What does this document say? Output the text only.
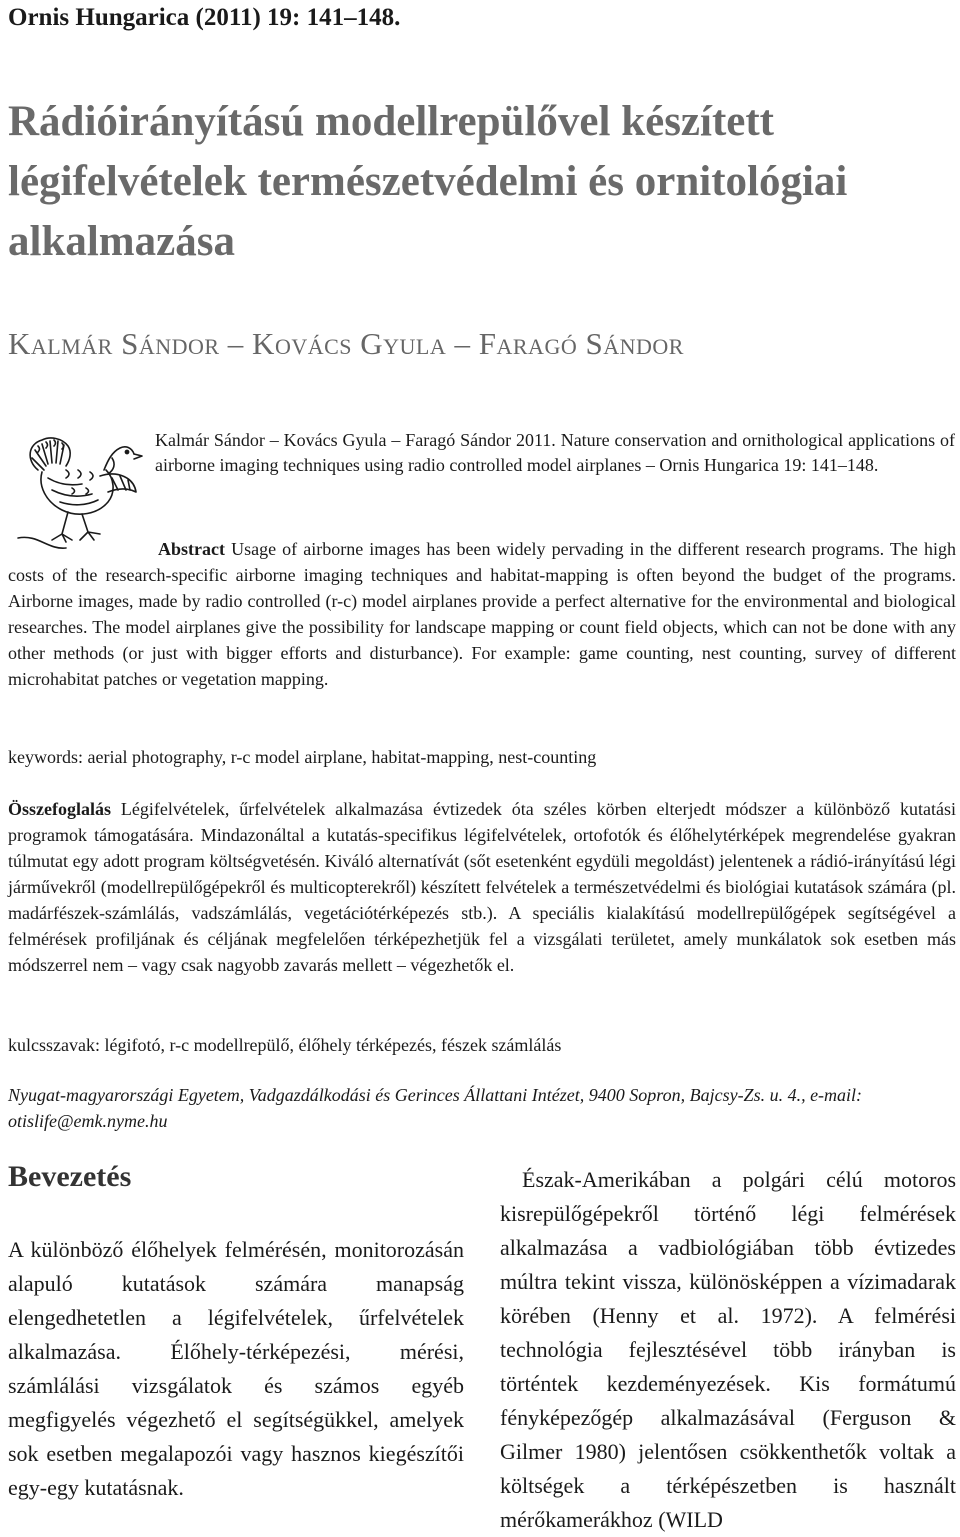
Ornis Hungarica (2011) 19: 141–148.
Rádióirányítású modellrepülővel készített légifelvételek természetvédelmi és ornitológiai alkalmazása
Kalmár Sándor – Kovács Gyula – Faragó Sándor
Kalmár Sándor – Kovács Gyula – Faragó Sándor 2011. Nature conservation and ornithological applications of airborne imaging techniques using radio controlled model airplanes – Ornis Hungarica 19: 141–148.

Abstract Usage of airborne images has been widely pervading in the different research programs. The high costs of the research-specific airborne imaging techniques and habitat-mapping is often beyond the budget of the programs. Airborne images, made by radio controlled (r-c) model airplanes provide a perfect alternative for the environmental and biological researches. The model airplanes give the possibility for landscape mapping or count field objects, which can not be done with any other methods (or just with bigger efforts and disturbance). For example: game counting, nest counting, survey of different microhabitat patches or vegetation mapping.

keywords: aerial photography, r-c model airplane, habitat-mapping, nest-counting

Összefoglalás Légifelvételek, űrfelvételek alkalmazása évtizedek óta széles körben elterjedt módszer a különböző kutatási programok támogatására. Mindazonáltal a kutatás-specifikus légifelvételek, ortofotók és élőhelytérképek megrendelése gyakran túlmutat egy adott program költségvetésén. Kiváló alternatívát (sőt esetenként egydüli megoldást) jelentenek a rádió-irányítású légi járművekről (modellrepülőgépekről és multicopterekről) készített felvételek a természetvédelmi és biológiai kutatások számára (pl. madárfészek-számlálás, vadszámlálás, vegetációtérképezés stb.). A speciális kialakítású modellrepülőgépek segítségével a felmérések profiljának és céljának megfelelően térképezhetjük fel a vizsgálati területet, amely munkálatok sok esetben más módszerrel nem – vagy csak nagyobb zavarás mellett – végezhetők el.

kulcsszavak: légifotó, r-c modellrepülő, élőhely térképezés, fészek számlálás
Nyugat-magyarországi Egyetem, Vadgazdálkodási és Gerinces Állattani Intézet, 9400 Sopron, Bajcsy-Zs. u. 4., e-mail: otislife@emk.nyme.hu
Bevezetés
A különböző élőhelyek felmérésén, monitorozásán alapuló kutatások számára manapság elengedhetetlen a légifelvételek, űrfelvételek alkalmazása. Élőhely-térképezési, mérési, számlálási vizsgálatok és számos egyéb megfigyelés végezhető el segítségükkel, amelyek sok esetben megalapozói vagy hasznos kiegészítői egy-egy kutatásnak.

Észak-Amerikában a polgári célú motoros kisrepülőgépekről történő légi felmérések alkalmazása a vadbiológiában több évtizedes múltra tekint vissza, különösképpen a vízimadarak körében (Henny et al. 1972). A felmérési technológia fejlesztésével több irányban is történtek kezdeményezések. Kis formátumú fényképezőgép alkalmazásával (Ferguson & Gilmer 1980) jelentősen csökkenthetők voltak a költségek a térképészetben is használt mérőkamerákhoz (WILD
